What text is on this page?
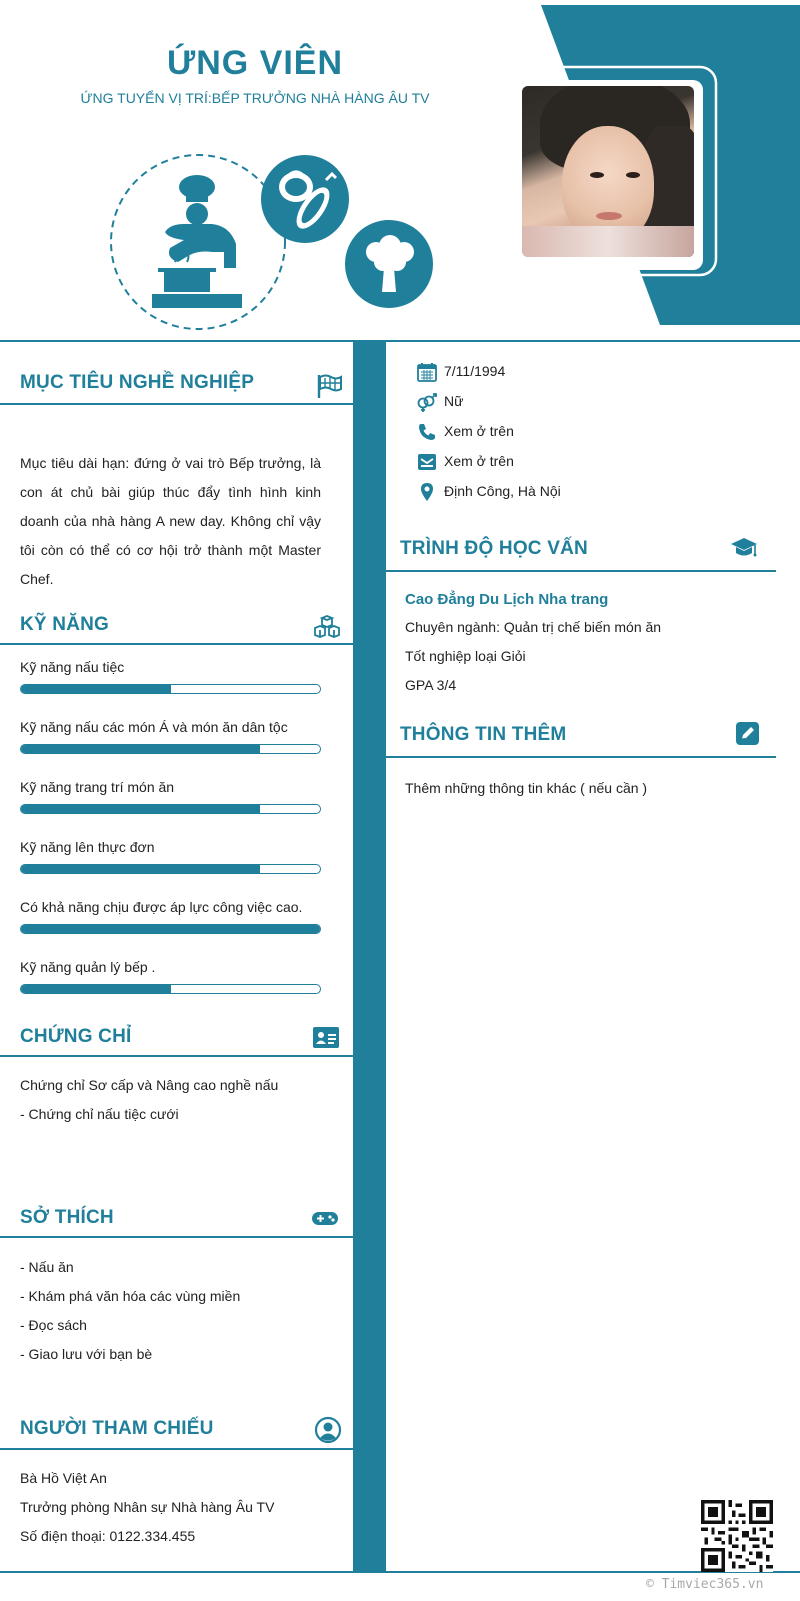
ỨNG VIÊN
ỨNG TUYỂN VỊ TRÍ:BẾP TRƯỞNG NHÀ HÀNG ÂU TV
MỤC TIÊU NGHỀ NGHIỆP
Mục tiêu dài hạn: đứng ở vai trò Bếp trưởng, là con át chủ bài giúp thúc đẩy tình hình kinh doanh của nhà hàng A new day. Không chỉ vậy tôi còn có thể có cơ hội trở thành một Master Chef.
KỸ NĂNG
Kỹ năng nấu tiệc
Kỹ năng nấu các món Á và món ăn dân tộc
Kỹ năng trang trí món ăn
Kỹ năng lên thực đơn
Có khả năng chịu được áp lực công việc cao.
Kỹ năng quản lý bếp .
CHỨNG CHỈ
Chứng chỉ Sơ cấp và Nâng cao nghề nấu
- Chứng chỉ nấu tiệc cưới
SỞ THÍCH
- Nấu ăn
- Khám phá văn hóa các vùng miền
- Đọc sách
- Giao lưu với bạn bè
NGƯỜI THAM CHIẾU
Bà Hồ Việt An
Trưởng phòng Nhân sự Nhà hàng Âu TV
Số điện thoại: 0122.334.455
7/11/1994
Nữ
Xem ở trên
Xem ở trên
Định Công, Hà Nội
TRÌNH ĐỘ HỌC VẤN
Cao Đẳng Du Lịch Nha trang
Chuyên ngành: Quản trị chế biến món ăn
Tốt nghiệp loại Giỏi
GPA 3/4
THÔNG TIN THÊM
Thêm những thông tin khác ( nếu cần )
© Timviec365.vn
